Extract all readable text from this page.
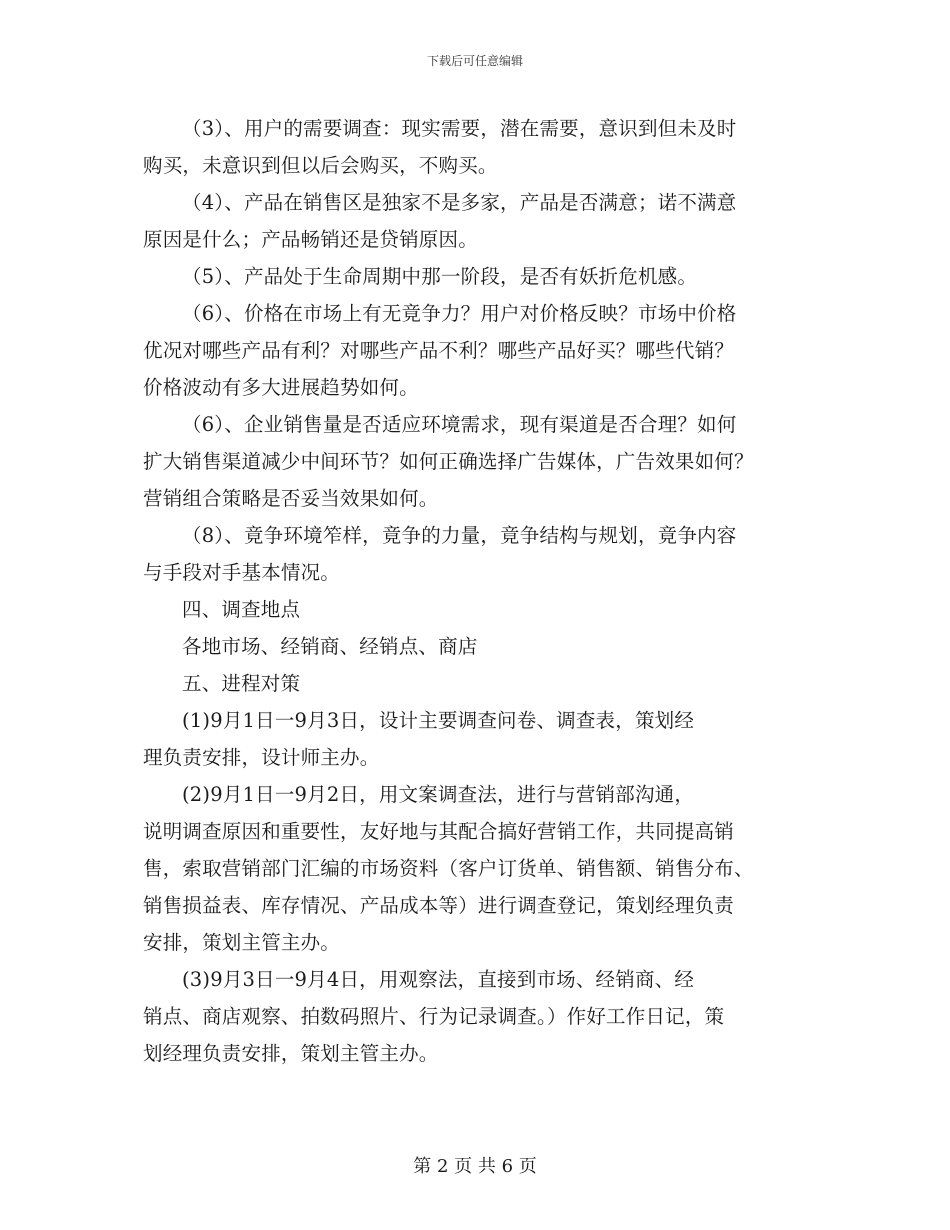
下载后可任意编辑

（3）、用户的需要调查：现实需要，潜在需要，意识到但未及时
购买，未意识到但以后会购买，不购买。

（4）、产品在销售区是独家不是多家，产品是否满意；诺不满意
原因是什么；产品畅销还是贷销原因。

（5）、产品处于生命周期中那一阶段，是否有妖折危机感。

（6）、价格在市场上有无竟争力？用户对价格反映？市场中价格
优况对哪些产品有利？对哪些产品不利？哪些产品好买？哪些代销？
价格波动有多大进展趋势如何。

（6）、企业销售量是否适应环境需求，现有渠道是否合理？如何
扩大销售渠道减少中间环节？如何正确选择广告媒体，广告效果如何？
营销组合策略是否妥当效果如何。

（8）、竟争环境笮样，竟争的力量，竟争结构与规划，竟争内容
与手段对手基本情况。

四、调查地点

各地市场、经销商、经销点、商店

五、进程对策

(1)9月1日一9月3日，设计主要调查问卷、调查表，策划经
理负责安排，设计师主办。

(2)9月1日一9月2日，用文案调查法，进行与营销部沟通，
说明调查原因和重要性，友好地与其配合搞好营销工作，共同提高销
售，索取营销部门汇编的市场资料（客户订货单、销售额、销售分布、
销售损益表、库存情况、产品成本等）进行调查登记，策划经理负责
安排，策划主管主办。

(3)9月3日一9月4日，用观察法，直接到市场、经销商、经
销点、商店观察、拍数码照片、行为记录调查。）作好工作日记，策
划经理负责安排，策划主管主办。

第 2 页 共 6 页
